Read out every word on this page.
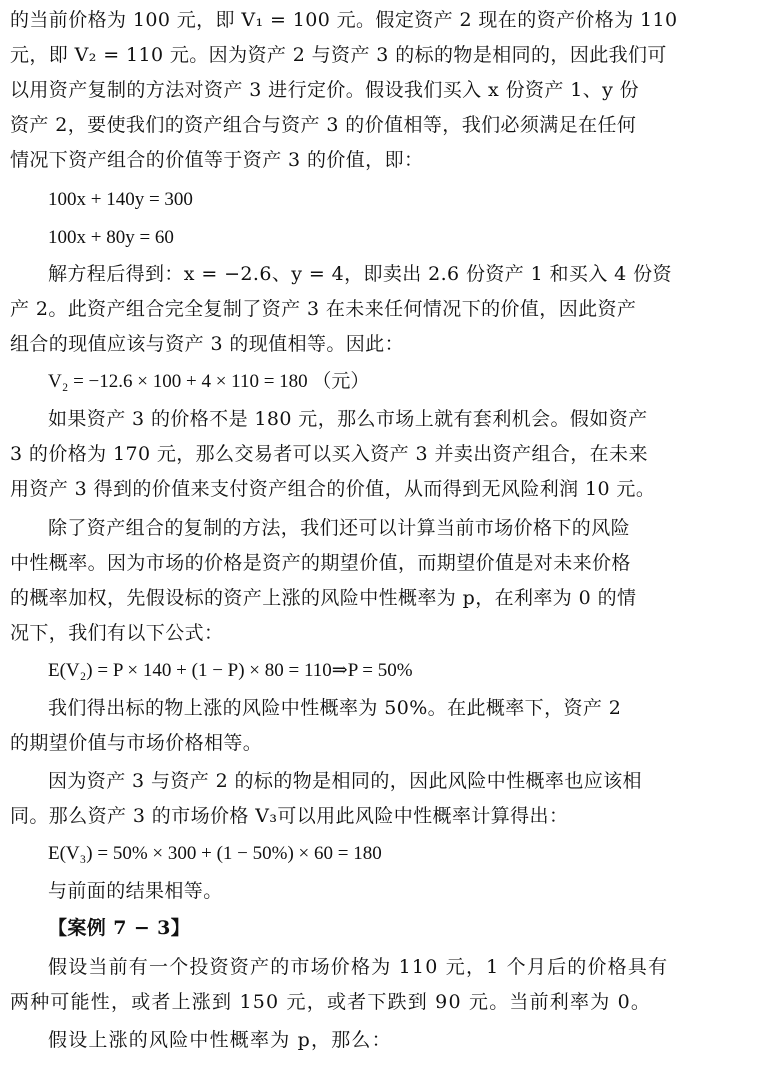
的当前价格为 100 元，即 V₁ = 100 元。假定资产 2 现在的资产价格为 110
元，即 V₂ = 110 元。因为资产 2 与资产 3 的标的物是相同的，因此我们可
以用资产复制的方法对资产 3 进行定价。假设我们买入 x 份资产 1、y 份
资产 2，要使我们的资产组合与资产 3 的价值相等，我们必须满足在任何
情况下资产组合的价值等于资产 3 的价值，即：
100x + 140y = 300
100x + 80y = 60
解方程后得到：x = −2.6、y = 4，即卖出 2.6 份资产 1 和买入 4 份资
产 2。此资产组合完全复制了资产 3 在未来任何情况下的价值，因此资产
组合的现值应该与资产 3 的现值相等。因此：
V₂ = −12.6 × 100 + 4 × 110 = 180 （元）
如果资产 3 的价格不是 180 元，那么市场上就有套利机会。假如资产
3 的价格为 170 元，那么交易者可以买入资产 3 并卖出资产组合，在未来
用资产 3 得到的价值来支付资产组合的价值，从而得到无风险利润 10 元。
除了资产组合的复制的方法，我们还可以计算当前市场价格下的风险
中性概率。因为市场的价格是资产的期望价值，而期望价值是对未来价格
的概率加权，先假设标的资产上涨的风险中性概率为 p，在利率为 0 的情
况下，我们有以下公式：
E(V₂) = P × 140 + (1 − P) × 80 = 110⇒P = 50%
我们得出标的物上涨的风险中性概率为 50%。在此概率下，资产 2
的期望价值与市场价格相等。
因为资产 3 与资产 2 的标的物是相同的，因此风险中性概率也应该相
同。那么资产 3 的市场价格 V₃可以用此风险中性概率计算得出：
E(V₃) = 50% × 300 + (1 − 50%) × 60 = 180
与前面的结果相等。
【案例 7 − 3】
假设当前有一个投资资产的市场价格为 110 元，1 个月后的价格具有
两种可能性，或者上涨到 150 元，或者下跌到 90 元。当前利率为 0。
假设上涨的风险中性概率为 p，那么：
